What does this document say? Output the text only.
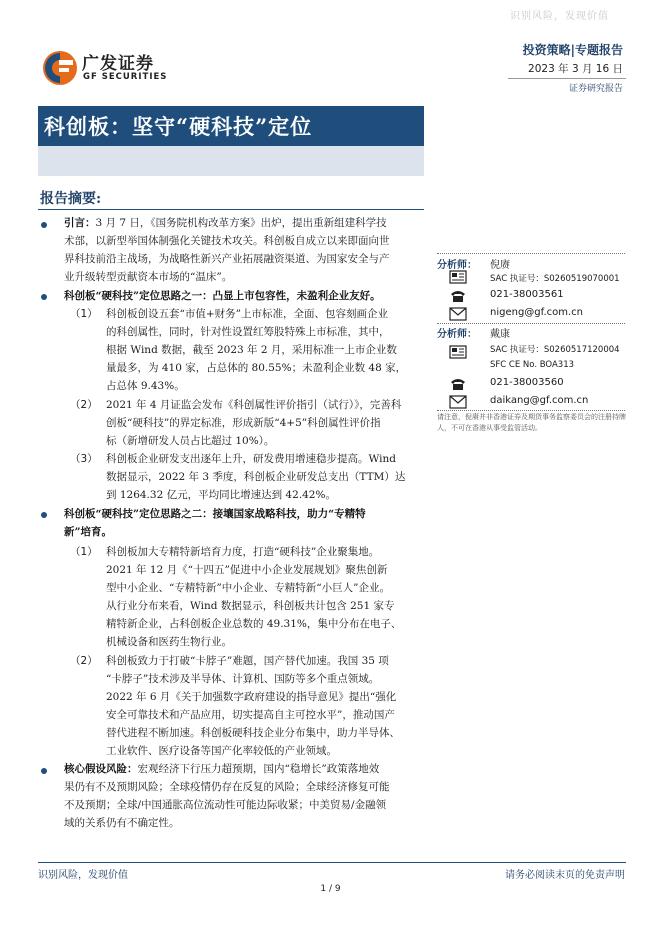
识别风险，发现价值
广发证券
GF SECURITIES
投资策略|专题报告
2023 年 3 月 16 日
证券研究报告
科创板：坚守“硬科技”定位
报告摘要:
引言：3 月 7 日，《国务院机构改革方案》出炉，提出重新组建科学技
术部，以新型举国体制强化关键技术攻关。科创板自成立以来即面向世
界科技前沿主战场，为战略性新兴产业拓展融资渠道、为国家安全与产
业升级转型贡献资本市场的“温床”。
科创板“硬科技”定位思路之一：凸显上市包容性，未盈利企业友好。
（1） 科创板创设五套“市值+财务”上市标准，全面、包容刻画企业
的科创属性，同时，针对性设置红筹股特殊上市标准，其中，
根据 Wind 数据，截至 2023 年 2 月，采用标准一上市企业数
量最多，为 410 家，占总体的 80.55%；未盈利企业数 48 家，
占总体 9.43%。
（2） 2021 年 4 月证监会发布《科创属性评价指引（试行）》，完善科
创板“硬科技”的界定标准，形成新版“4+5”科创属性评价指
标（新增研发人员占比超过 10%）。
（3） 科创板企业研发支出逐年上升，研发费用增速稳步提高。Wind
数据显示，2022 年 3 季度，科创板企业研发总支出（TTM）达
到 1264.32 亿元，平均同比增速达到 42.42%。
科创板“硬科技”定位思路之二：接壤国家战略科技，助力“专精特
新”培育。
（1） 科创板加大专精特新培育力度，打造“硬科技”企业聚集地。
2021 年 12 月《“十四五”促进中小企业发展规划》聚焦创新
型中小企业、“专精特新”中小企业、专精特新“小巨人”企业。
从行业分布来看，Wind 数据显示，科创板共计包含 251 家专
精特新企业，占科创板企业总数的 49.31%，集中分布在电子、
机械设备和医药生物行业。
（2） 科创板致力于打破“卡脖子”难题，国产替代加速。我国 35 项
“卡脖子”技术涉及半导体、计算机、国防等多个重点领域。
2022 年 6 月《关于加强数字政府建设的指导意见》提出“强化
安全可靠技术和产品应用，切实提高自主可控水平”，推动国产
替代进程不断加速。科创板硬科技企业分布集中，助力半导体、
工业软件、医疗设备等国产化率较低的产业领域。
核心假设风险：宏观经济下行压力超预期，国内“稳增长”政策落地效
果仍有不及预期风险；全球疫情仍存在反复的风险；全球经济修复可能
不及预期；全球/中国通胀高位流动性可能边际收紧；中美贸易/金融领
域的关系仍有不确定性。
分析师： 倪赓
SAC 执证号：S0260519070001
021-38003561
nigeng@gf.com.cn
分析师： 戴康
SAC 执证号：S0260517120004
SFC CE No. BOA313
021-38003560
daikang@gf.com.cn
请注意，倪赓并非香港证券及期货事务监察委员会的注册持牌人，不可在香港从事受监管活动。
识别风险，发现价值	请务必阅读末页的免责声明
1 / 9
